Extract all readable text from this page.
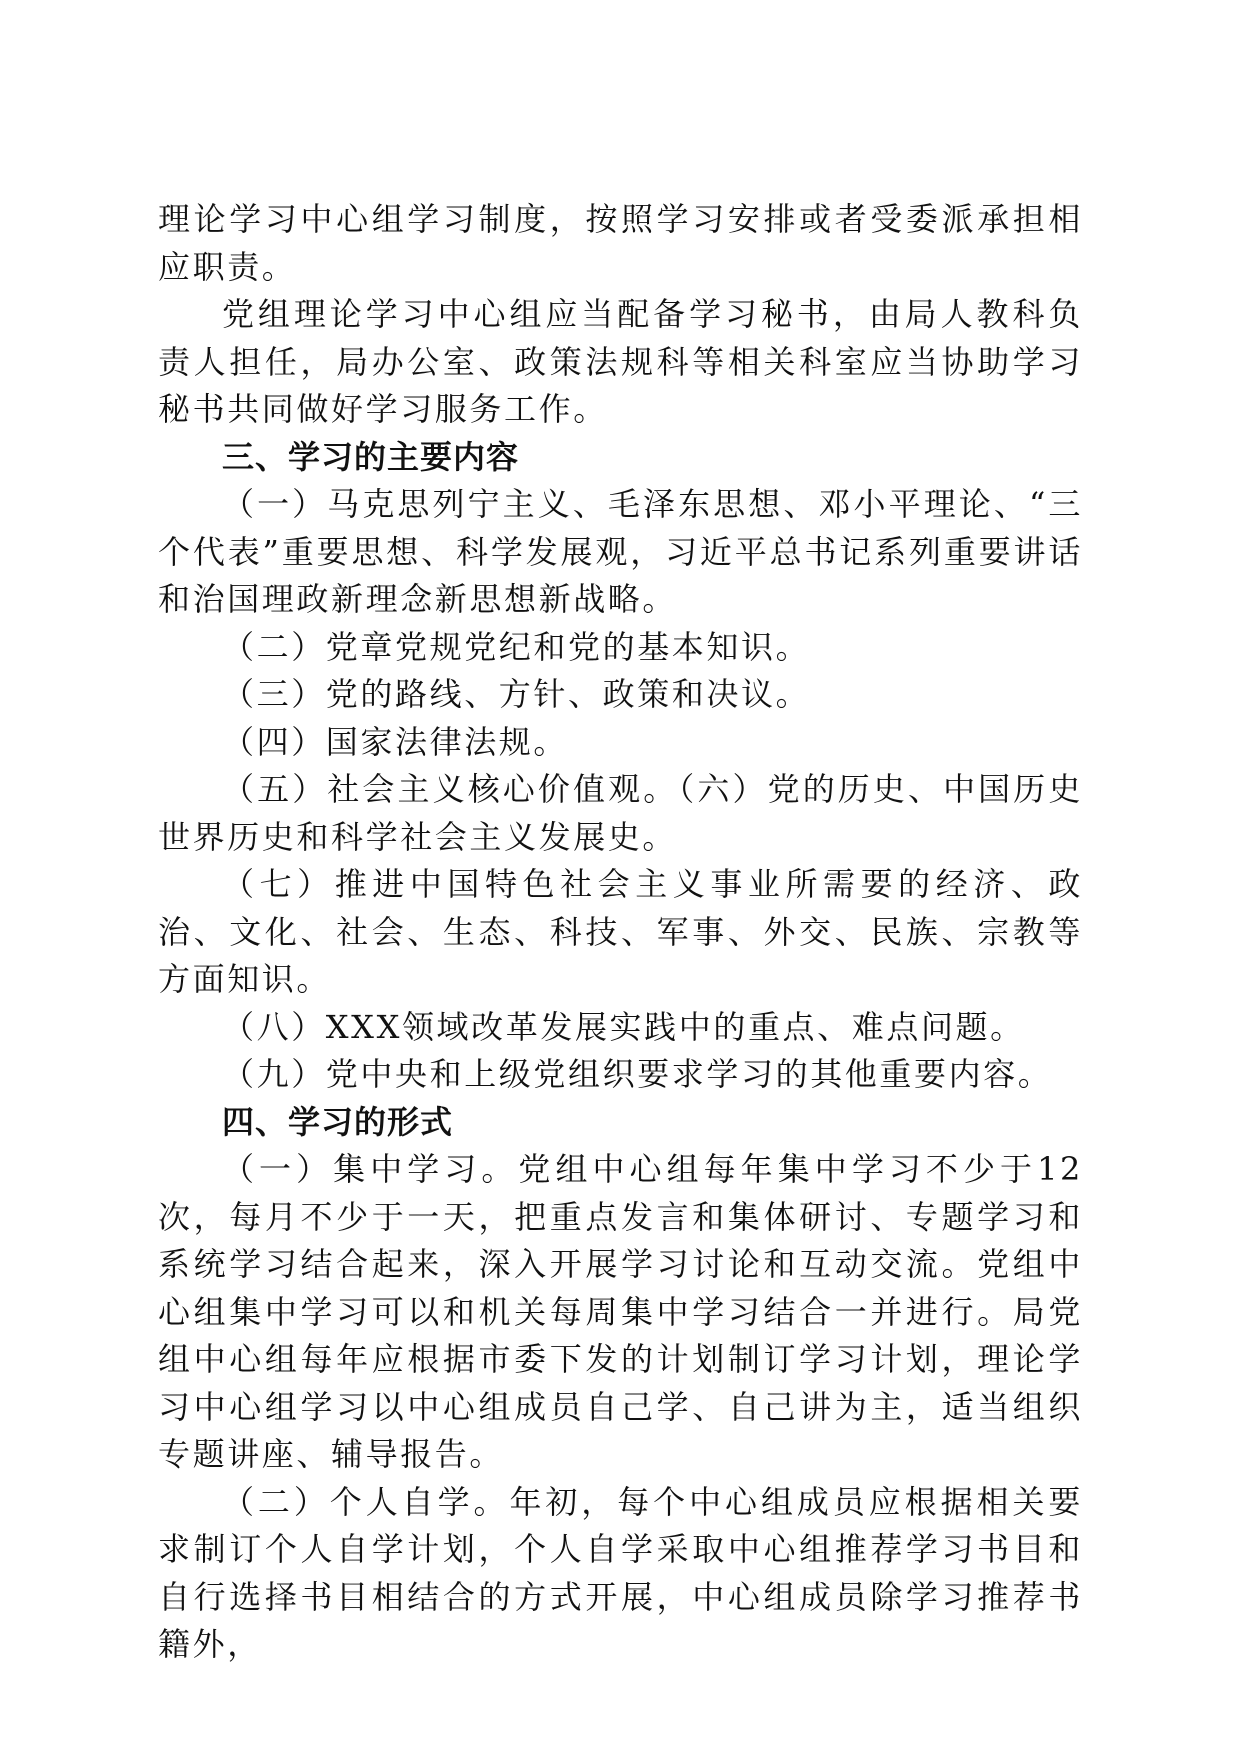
理论学习中心组学习制度，按照学习安排或者受委派承担相应职责。

党组理论学习中心组应当配备学习秘书，由局人教科负责人担任，局办公室、政策法规科等相关科室应当协助学习秘书共同做好学习服务工作。

三、学习的主要内容

（一）马克思列宁主义、毛泽东思想、邓小平理论、“三个代表”重要思想、科学发展观，习近平总书记系列重要讲话和治国理政新理念新思想新战略。

（二）党章党规党纪和党的基本知识。

（三）党的路线、方针、政策和决议。

（四）国家法律法规。

（五）社会主义核心价值观。（六）党的历史、中国历史世界历史和科学社会主义发展史。

（七）推进中国特色社会主义事业所需要的经济、政治、文化、社会、生态、科技、军事、外交、民族、宗教等方面知识。

（八）XXX领域改革发展实践中的重点、难点问题。

（九）党中央和上级党组织要求学习的其他重要内容。

四、学习的形式

（一）集中学习。党组中心组每年集中学习不少于12次，每月不少于一天，把重点发言和集体研讨、专题学习和系统学习结合起来，深入开展学习讨论和互动交流。党组中心组集中学习可以和机关每周集中学习结合一并进行。局党组中心组每年应根据市委下发的计划制订学习计划，理论学习中心组学习以中心组成员自己学、自己讲为主，适当组织专题讲座、辅导报告。

（二）个人自学。年初，每个中心组成员应根据相关要求制订个人自学计划，个人自学采取中心组推荐学习书目和自行选择书目相结合的方式开展，中心组成员除学习推荐书籍外，
